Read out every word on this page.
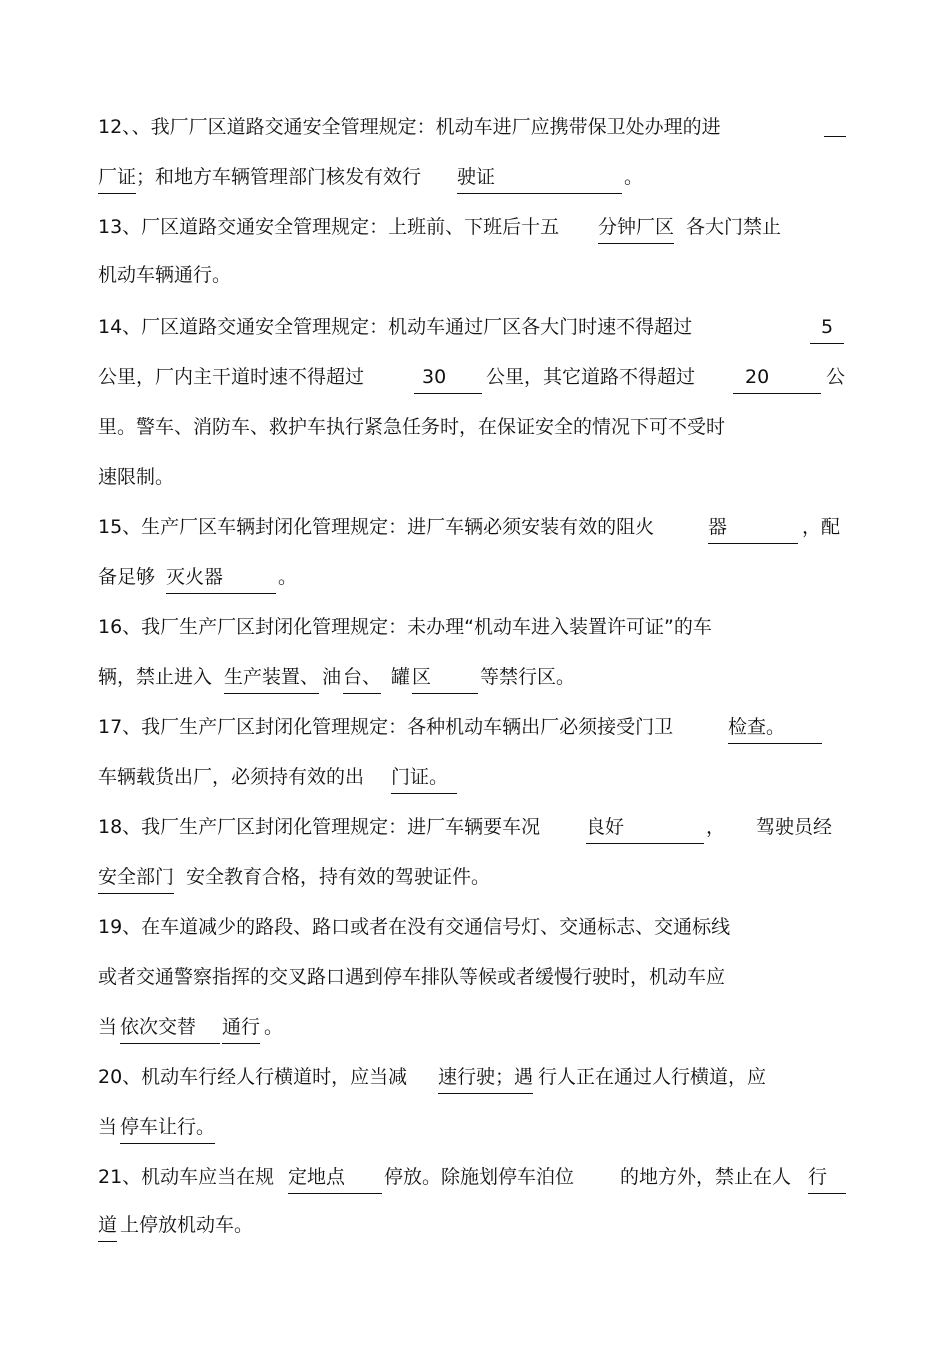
12、、我厂厂区道路交通安全管理规定：机动车进厂应携带保卫处办理的进
厂证 ；和地方车辆管理部门核发有效行 驶证	。
13、厂区道路交通安全管理规定：上班前、下班后十五 分钟厂区 各大门禁止
机动车辆通行。
14、厂区道路交通安全管理规定：机动车通过厂区各大门时速不得超过	5
公里，厂内主干道时速不得超过	30	公里，其它道路不得超过	20	公
里。警车、消防车、救护车执行紧急任务时，在保证安全的情况下可不受时
速限制。
15、生产厂区车辆封闭化管理规定：进厂车辆必须安装有效的阻火	器	，配
备足够 灭火器	。
16、我厂生产厂区封闭化管理规定：未办理“机动车进入装置许可证”的车
辆，禁止进入 生产装置、 油 台、 罐 区	等禁行区。
17、我厂生产厂区封闭化管理规定：各种机动车辆出厂必须接受门卫	检查。
车辆载货出厂，必须持有效的出 门证。
18、我厂生产厂区封闭化管理规定：进厂车辆要车况 良好	， 驾驶员经
安全部门 安全教育合格，持有效的驾驶证件。
19、在车道减少的路段、路口或者在没有交通信号灯、交通标志、交通标线
或者交通警察指挥的交叉路口遇到停车排队等候或者缓慢行驶时，机动车应
当 依次交替	通行 。
20、机动车行经人行横道时，应当减 速行驶；遇 行人正在通过人行横道，应
当 停车让行。
21、机动车应当在规 定地点	停放。除施划停车泊位 的地方外，禁止在人 行
道 上停放机动车。
